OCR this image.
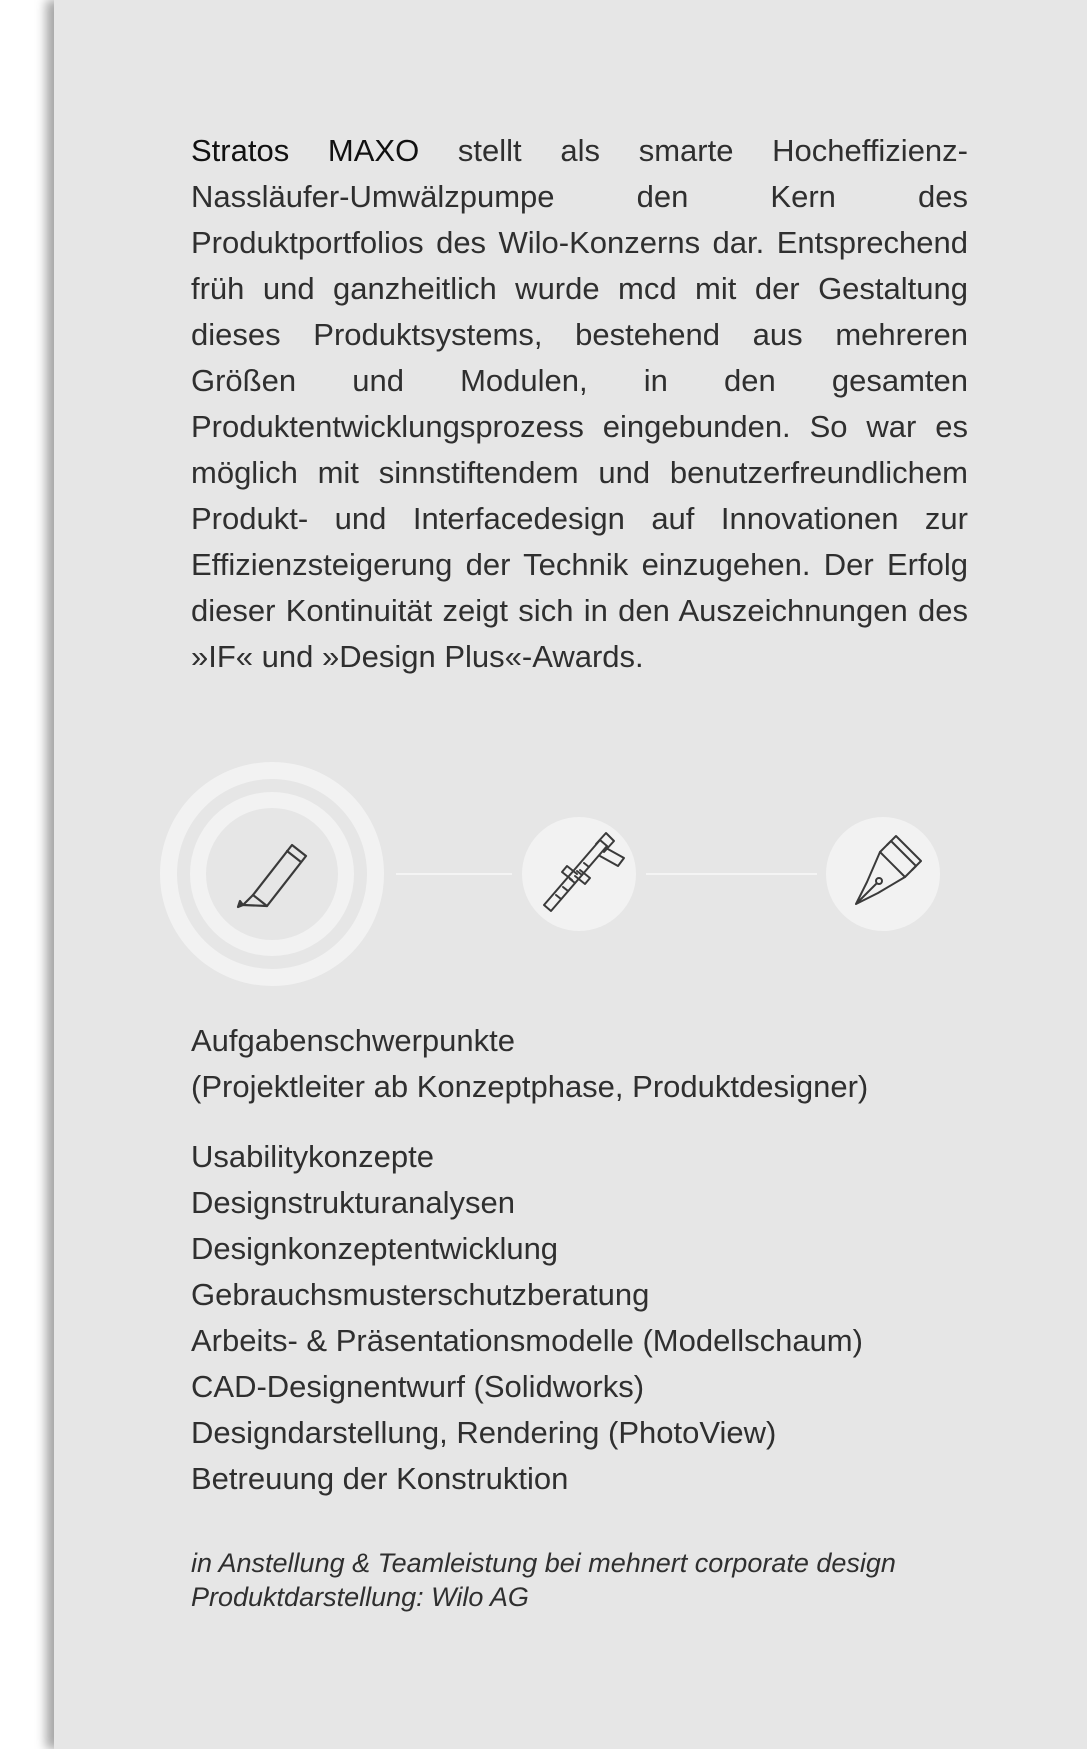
Stratos MAXO stellt als smarte Hocheffizienz-Nassläufer-Umwälzpumpe den Kern des Produktportfolios des Wilo-Konzerns dar. Entsprechend früh und ganzheitlich wurde mcd mit der Gestaltung dieses Produktsystems, bestehend aus mehreren Größen und Modulen, in den gesamten Produktentwicklungsprozess eingebunden. So war es möglich mit sinnstiftendem und benutzerfreundlichem Produkt- und Interfacedesign auf Innovationen zur Effizienzsteigerung der Technik einzugehen. Der Erfolg dieser Kontinuität zeigt sich in den Auszeichnungen des »IF« und »Design Plus«-Awards.

Aufgabenschwerpunkte
(Projektleiter ab Konzeptphase, Produktdesigner)
Usabilitykonzepte
Designstrukturanalysen
Designkonzeptentwicklung
Gebrauchsmusterschutzberatung
Arbeits- & Präsentationsmodelle (Modellschaum)
CAD-Designentwurf (Solidworks)
Designdarstellung, Rendering (PhotoView)
Betreuung der Konstruktion
in Anstellung & Teamleistung bei mehnert corporate design
Produktdarstellung: Wilo AG
